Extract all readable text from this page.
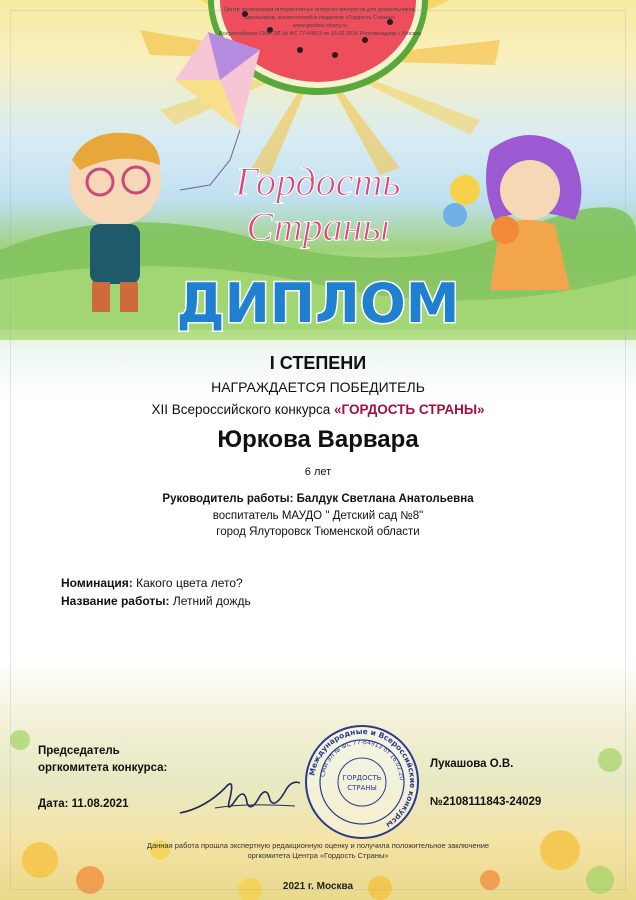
Гордость
Страны
ДИПЛОМ
Центр организации интерактивных интернет-конкурсов для дошкольников,
школьников, воспитателей и педагогов «Гордость Страны»
www.gordost-strany.ru
Всероссийское СМИ ЭЛ № ФС 77-64913 от 16.02.2016 Роскомнадзор г. Москва
I СТЕПЕНИ
НАГРАЖДАЕТСЯ ПОБЕДИТЕЛЬ
XII Всероссийского конкурса «ГОРДОСТЬ СТРАНЫ»
Юркова Варвара
6 лет
Руководитель работы: Балдук Светлана Анатольевна
воспитатель МАУДО " Детский сад №8"
город Ялуторовск Тюменской области
Номинация: Какого цвета лето?
Название работы: Летний дождь
Председатель
оргкомитета конкурса:
Дата: 11.08.2021
Международные и Всероссийские конкурсы
СМИ ЭЛ № ФС 77-64913 от 16.02.20
ГОРДОСТЬ
СТРАНЫ
Лукашова О.В.
№2108111843-24029
Данная работа прошла экспертную редакционную оценку и получила положительное заключение
оргкомитета Центра «Гордость Страны»
2021 г. Москва
